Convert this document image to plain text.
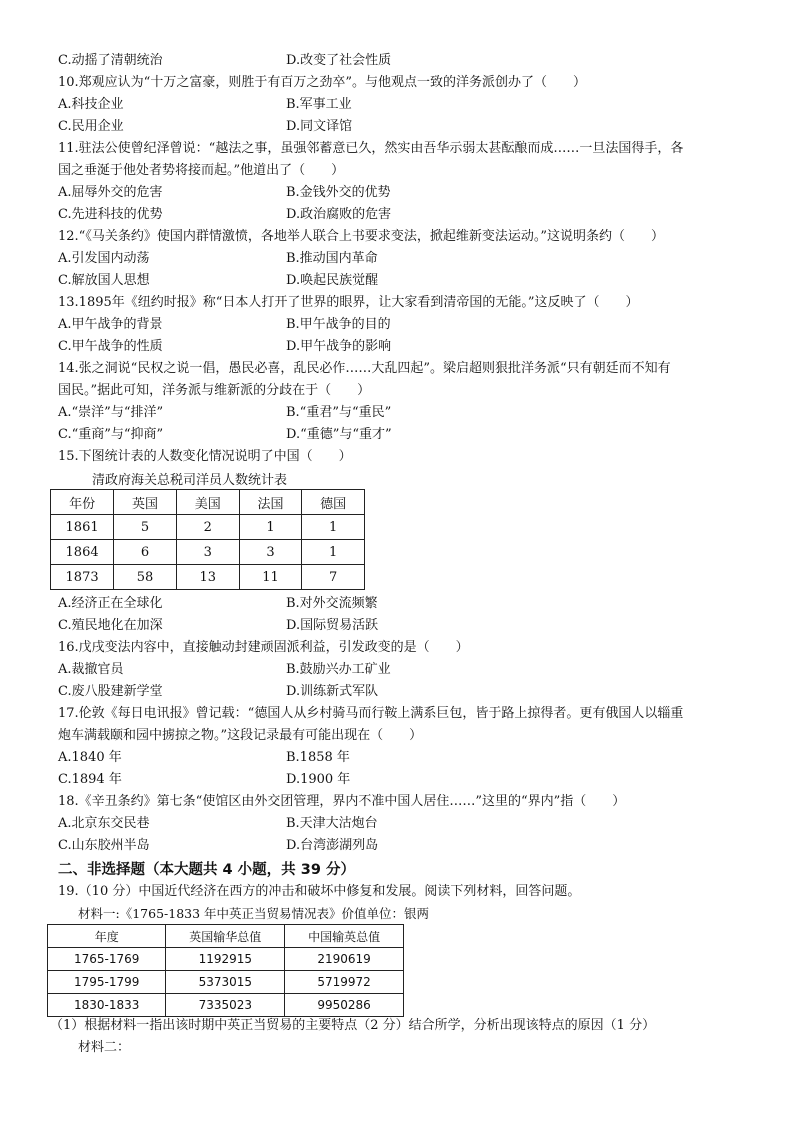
C.动摇了清朝统治	D.改变了社会性质
10.郑观应认为“十万之富豪，则胜于有百万之劲卒”。与他观点一致的洋务派创办了（　　）
A.科技企业	B.军事工业
C.民用企业	D.同文译馆
11.驻法公使曾纪泽曾说：“越法之事，虽强邻蓄意已久，然实由吾华示弱太甚酝酿而成……一旦法国得手，各
国之垂涎于他处者势将接而起。”他道出了（　　）
A.屈辱外交的危害	B.金钱外交的优势
C.先进科技的优势	D.政治腐败的危害
12.“《马关条约》使国内群情激愤，各地举人联合上书要求变法，掀起维新变法运动。”这说明条约（　　）
A.引发国内动荡	B.推动国内革命
C.解放国人思想	D.唤起民族觉醒
13.1895年《纽约时报》称“日本人打开了世界的眼界，让大家看到清帝国的无能。”这反映了（　　）
A.甲午战争的背景	B.甲午战争的目的
C.甲午战争的性质	D.甲午战争的影响
14.张之洞说“民权之说一倡，愚民必喜，乱民必作……大乱四起”。梁启超则狠批洋务派“只有朝廷而不知有
国民。”据此可知，洋务派与维新派的分歧在于（　　）
A.“崇洋”与“排洋”	B.“重君”与“重民”
C.“重商”与“抑商”	D.“重德”与“重才”
15.下图统计表的人数变化情况说明了中国（　　）
清政府海关总税司洋员人数统计表
年份	英国	美国	法国	德国
1861	5	2	1	1
1864	6	3	3	1
1873	58	13	11	7
A.经济正在全球化	B.对外交流频繁
C.殖民地化在加深	D.国际贸易活跃
16.戊戌变法内容中，直接触动封建顽固派利益，引发政变的是（　　）
A.裁撤官员	B.鼓励兴办工矿业
C.废八股建新学堂	D.训练新式军队
17.伦敦《每日电讯报》曾记载：“德国人从乡村骑马而行鞍上满系巨包，皆于路上掠得者。更有俄国人以辎重
炮车满载颐和园中掳掠之物。”这段记录最有可能出现在（　　）
A.1840 年	B.1858 年
C.1894 年	D.1900 年
18.《辛丑条约》第七条“使馆区由外交团管理，界内不准中国人居住……”这里的“界内”指（　　）
A.北京东交民巷	B.天津大沽炮台
C.山东胶州半岛	D.台湾澎湖列岛
二、非选择题（本大题共 4 小题，共 39 分）
19.（10 分）中国近代经济在西方的冲击和破坏中修复和发展。阅读下列材料，回答问题。
材料一:《1765-1833 年中英正当贸易情况表》价值单位：银两
年度	英国输华总值	中国输英总值
1765-1769	1192915	2190619
1795-1799	5373015	5719972
1830-1833	7335023	9950286
（1）根据材料一指出该时期中英正当贸易的主要特点（2 分）结合所学，分析出现该特点的原因（1 分）
材料二：
